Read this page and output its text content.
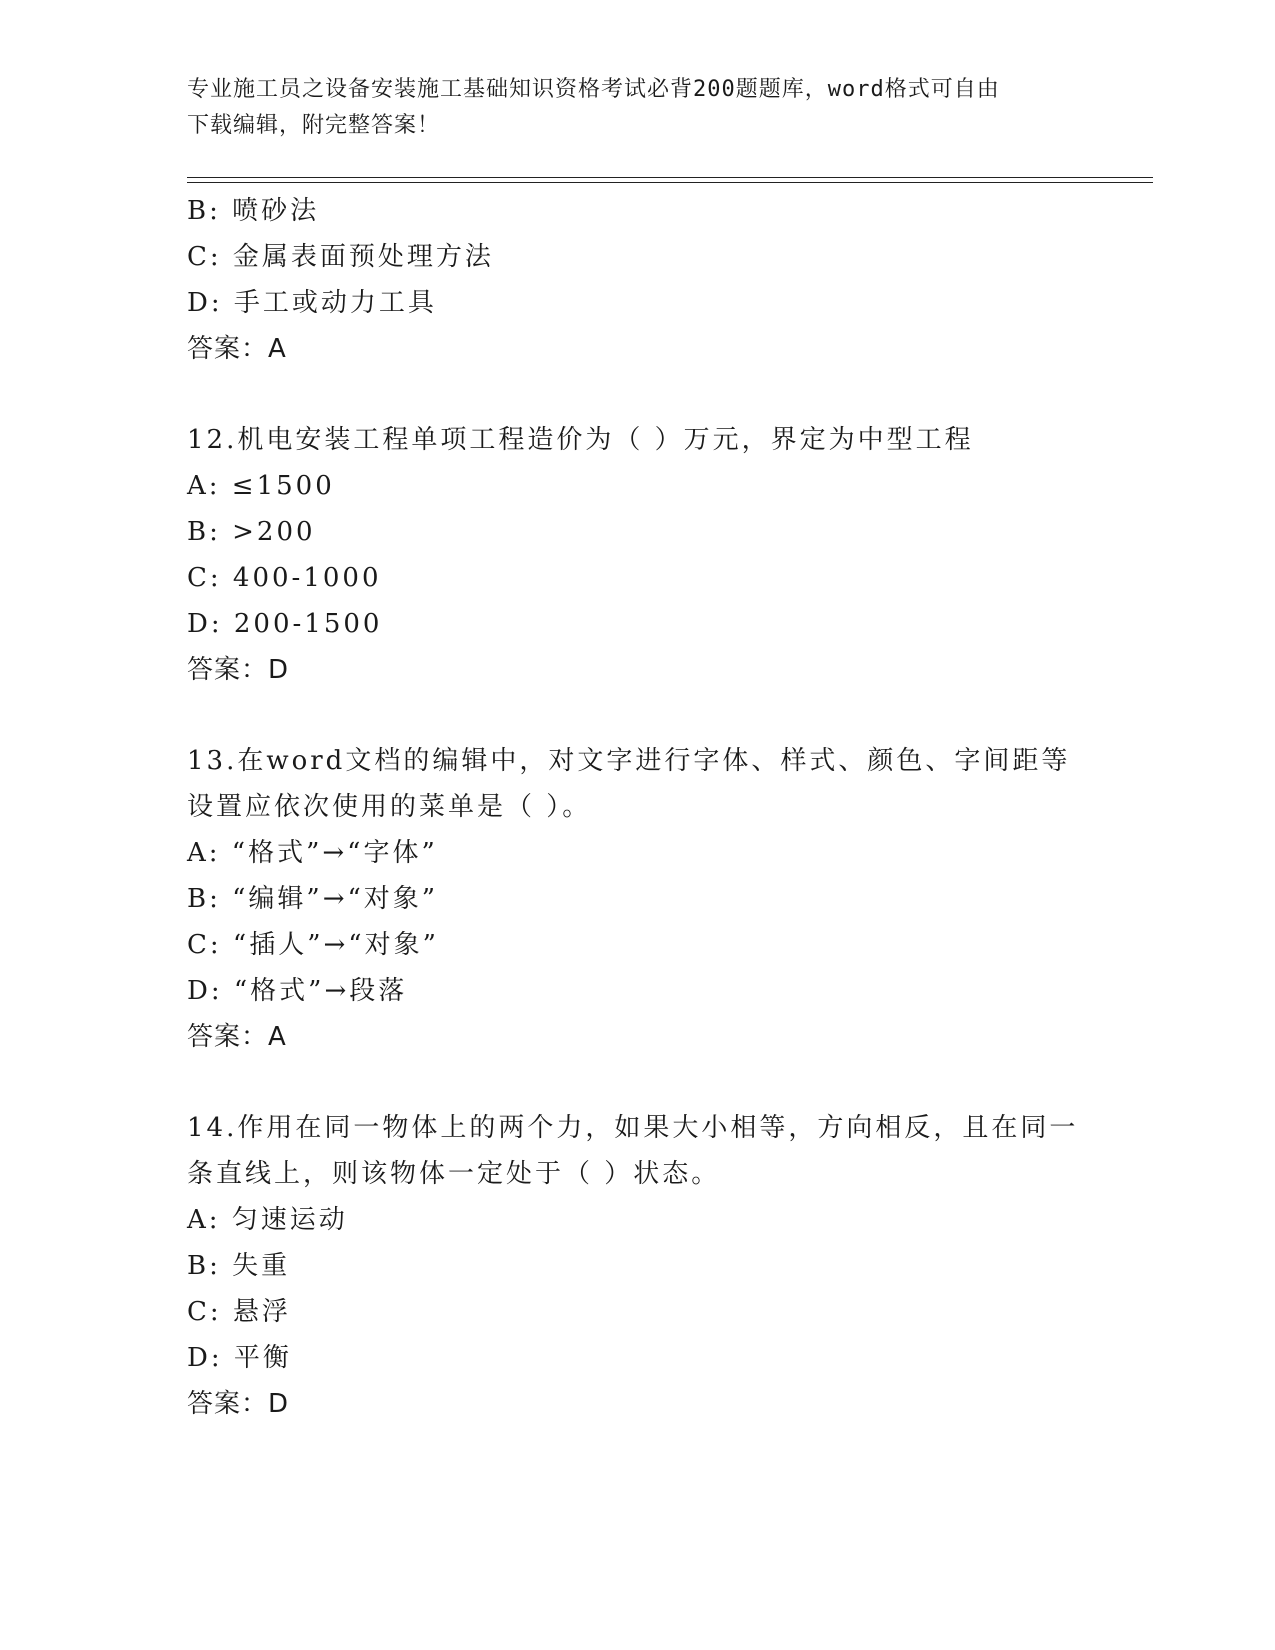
专业施工员之设备安装施工基础知识资格考试必背200题题库，word格式可自由
下载编辑，附完整答案！
B: 喷砂法
C: 金属表面预处理方法
D: 手工或动力工具
答案：A
12.机电安装工程单项工程造价为（ ）万元，界定为中型工程
A: ≤1500
B: >200
C: 400-1000
D: 200-1500
答案：D
13.在word文档的编辑中，对文字进行字体、样式、颜色、字间距等
设置应依次使用的菜单是（ ）。
A: “格式”→“字体”
B: “编辑”→“对象”
C: “插人”→“对象”
D: “格式”→段落
答案：A
14.作用在同一物体上的两个力，如果大小相等，方向相反，且在同一
条直线上，则该物体一定处于（ ）状态。
A: 匀速运动
B: 失重
C: 悬浮
D: 平衡
答案：D
